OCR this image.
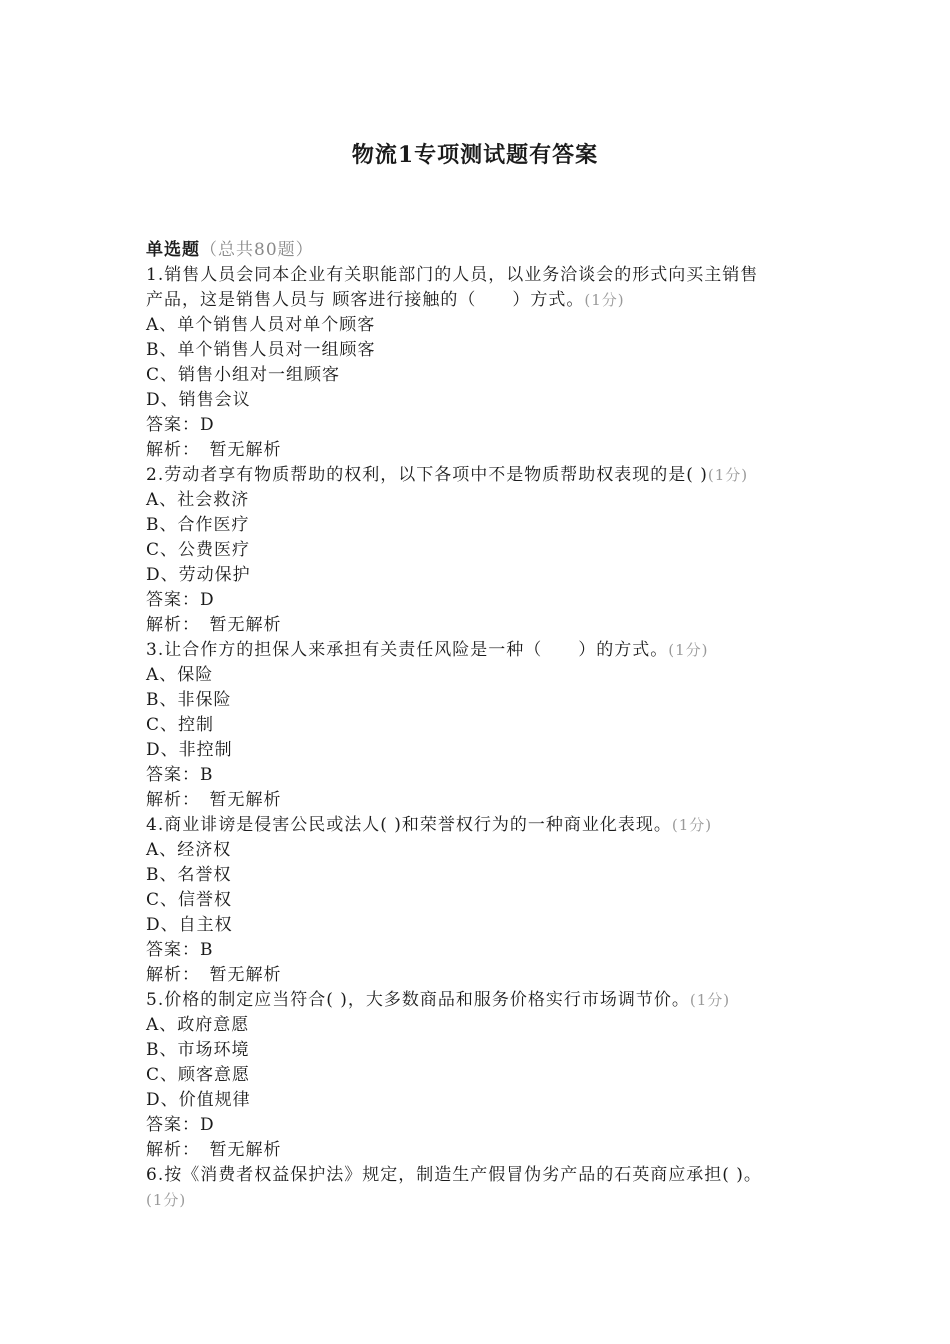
物流1专项测试题有答案
单选题（总共80题）
1.销售人员会同本企业有关职能部门的人员，以业务洽谈会的形式向买主销售
产品，这是销售人员与 顾客进行接触的（　　）方式。(1分)
A、单个销售人员对单个顾客
B、单个销售人员对一组顾客
C、销售小组对一组顾客
D、销售会议
答案：D
解析：　暂无解析
2.劳动者享有物质帮助的权利，以下各项中不是物质帮助权表现的是( )(1分)
A、社会救济
B、合作医疗
C、公费医疗
D、劳动保护
答案：D
解析：　暂无解析
3.让合作方的担保人来承担有关责任风险是一种（　　）的方式。(1分)
A、保险
B、非保险
C、控制
D、非控制
答案：B
解析：　暂无解析
4.商业诽谤是侵害公民或法人( )和荣誉权行为的一种商业化表现。(1分)
A、经济权
B、名誉权
C、信誉权
D、自主权
答案：B
解析：　暂无解析
5.价格的制定应当符合( )，大多数商品和服务价格实行市场调节价。(1分)
A、政府意愿
B、市场环境
C、顾客意愿
D、价值规律
答案：D
解析：　暂无解析
6.按《消费者权益保护法》规定，制造生产假冒伪劣产品的石英商应承担( )。
(1分)
